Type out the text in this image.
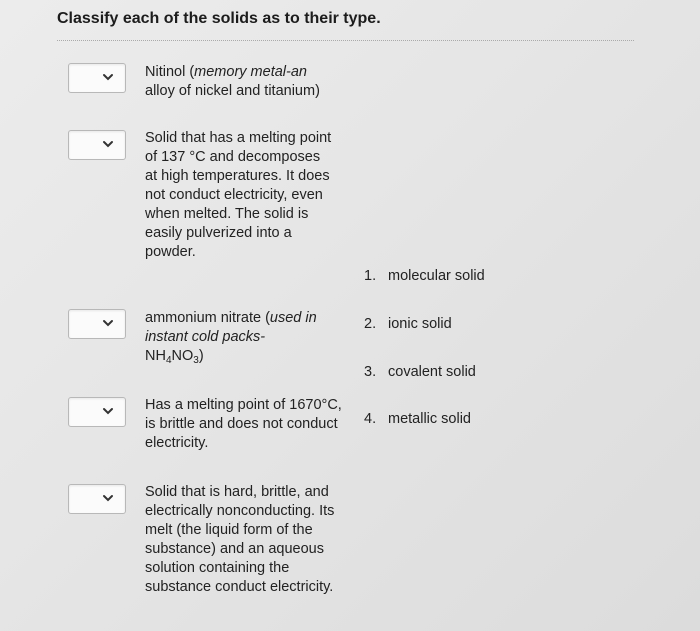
Classify each of the solids as to their type.
Nitinol (memory metal-an
alloy of nickel and titanium)
Solid that has a melting point of 137 °C and decomposes at high temperatures. It does not conduct electricity, even when melted. The solid is easily pulverized into a powder.
ammonium nitrate (used in instant cold packs-
$NH_4NO_3$)
Has a melting point of 1670°C, is brittle and does not conduct electricity.
Solid that is hard, brittle, and electrically nonconducting. Its melt (the liquid form of the substance) and an aqueous solution containing the substance conduct electricity.
1. molecular solid
2. ionic solid
3. covalent solid
4. metallic solid
